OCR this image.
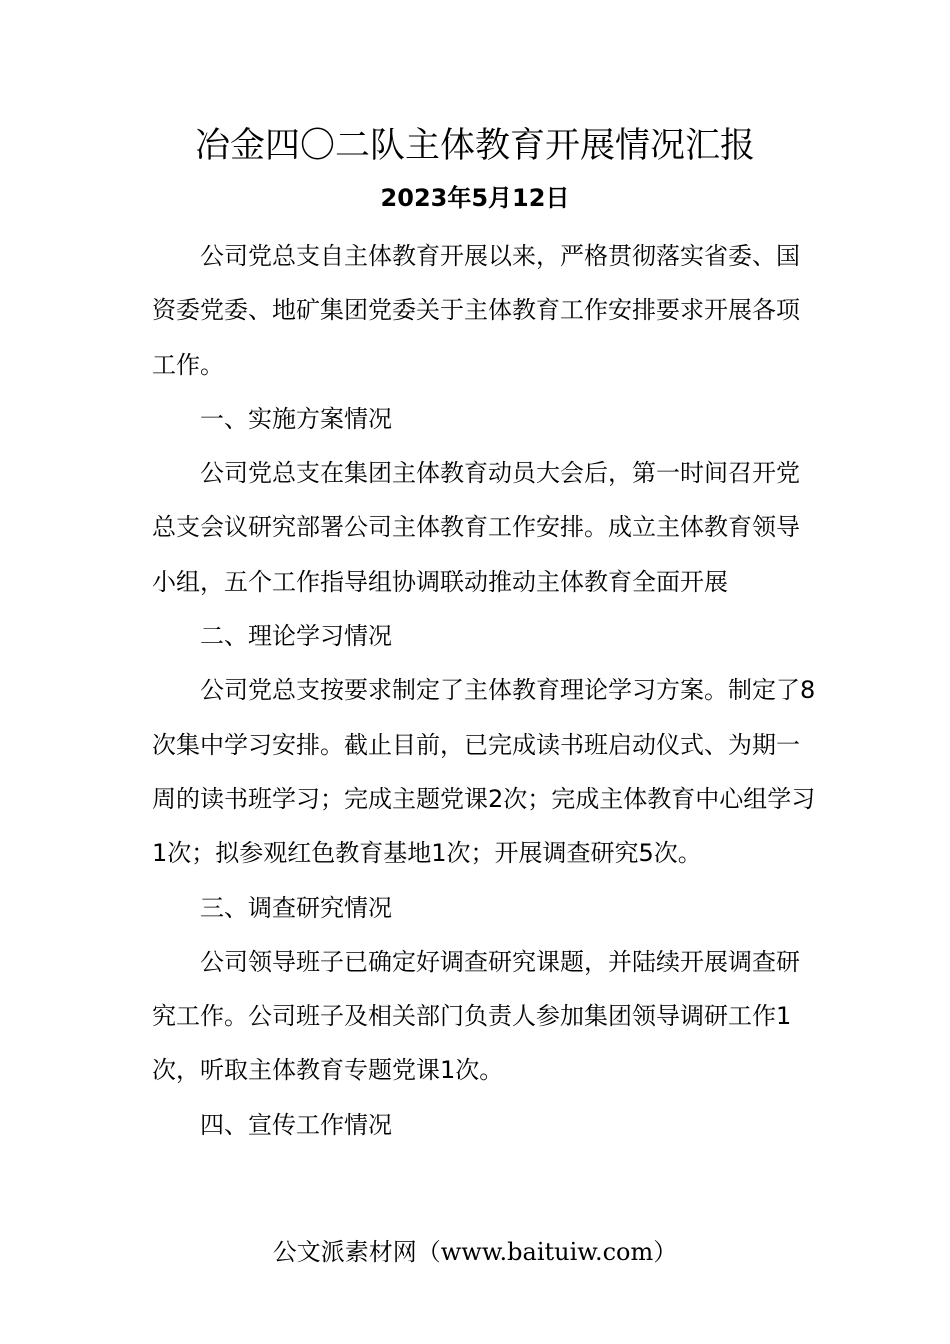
冶金四〇二队主体教育开展情况汇报
2023年5月12日

公司党总支自主体教育开展以来，严格贯彻落实省委、国资委党委、地矿集团党委关于主体教育工作安排要求开展各项工作。

一、实施方案情况

公司党总支在集团主体教育动员大会后，第一时间召开党总支会议研究部署公司主体教育工作安排。成立主体教育领导小组，五个工作指导组协调联动推动主体教育全面开展

二、理论学习情况

公司党总支按要求制定了主体教育理论学习方案。制定了8次集中学习安排。截止目前，已完成读书班启动仪式、为期一周的读书班学习；完成主题党课2次；完成主体教育中心组学习1次；拟参观红色教育基地1次；开展调查研究5次。

三、调查研究情况

公司领导班子已确定好调查研究课题，并陆续开展调查研究工作。公司班子及相关部门负责人参加集团领导调研工作1次，听取主体教育专题党课1次。

四、宣传工作情况

公文派素材网（www.baituiw.com）
